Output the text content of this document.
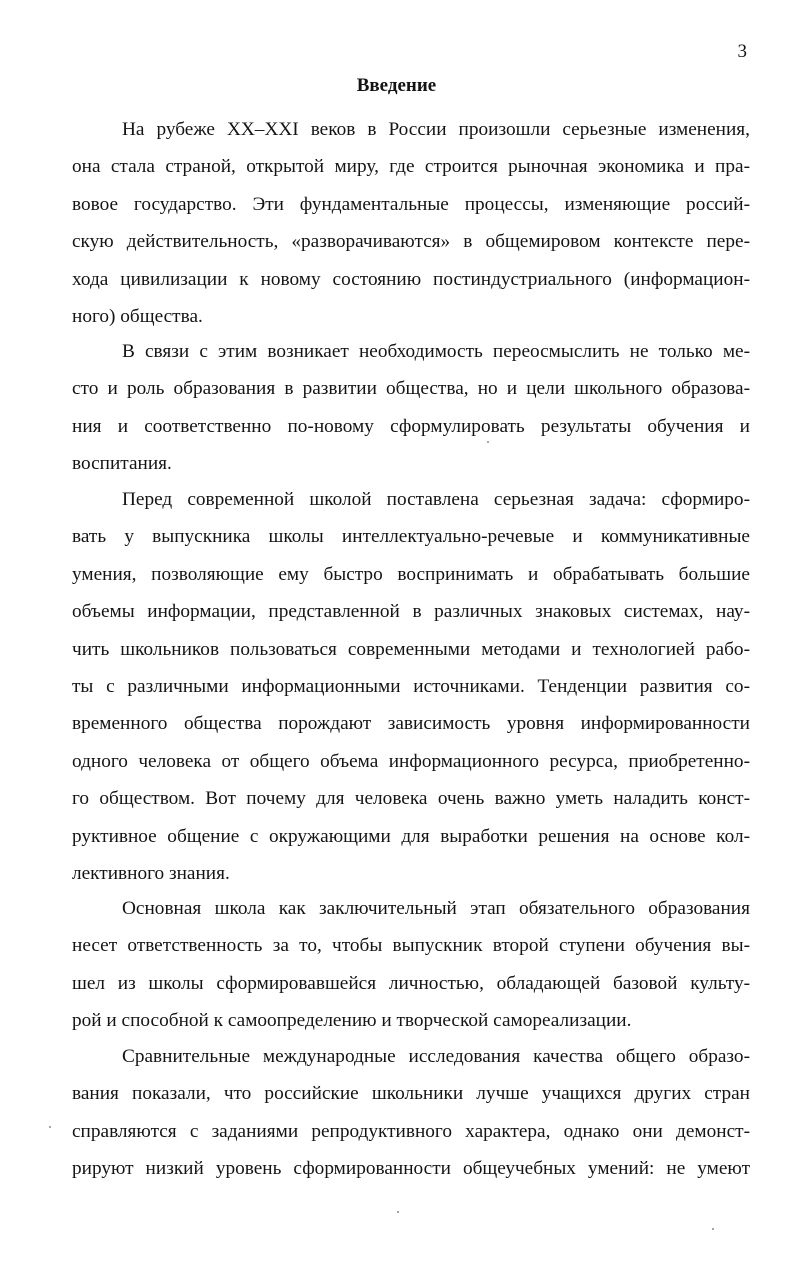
3
Введение
На рубеже XX–XXI веков в России произошли серьезные изменения,
она стала страной, открытой миру, где строится рыночная экономика и пра-
вовое государство. Эти фундаментальные процессы, изменяющие россий-
скую действительность, «разворачиваются» в общемировом контексте пере-
хода цивилизации к новому состоянию постиндустриального (информацион-
ного) общества.
В связи с этим возникает необходимость переосмыслить не только ме-
сто и роль образования в развитии общества, но и цели школьного образова-
ния и соответственно по-новому сформулировать результаты обучения и
воспитания.
Перед современной школой поставлена серьезная задача: сформиро-
вать у выпускника школы интеллектуально-речевые и коммуникативные
умения, позволяющие ему быстро воспринимать и обрабатывать большие
объемы информации, представленной в различных знаковых системах, нау-
чить школьников пользоваться современными методами и технологией рабо-
ты с различными информационными источниками. Тенденции развития со-
временного общества порождают зависимость уровня информированности
одного человека от общего объема информационного ресурса, приобретенно-
го обществом. Вот почему для человека очень важно уметь наладить конст-
руктивное общение с окружающими для выработки решения на основе кол-
лективного знания.
Основная школа как заключительный этап обязательного образования
несет ответственность за то, чтобы выпускник второй ступени обучения вы-
шел из школы сформировавшейся личностью, обладающей базовой культу-
рой и способной к самоопределению и творческой самореализации.
Сравнительные международные исследования качества общего образо-
вания показали, что российские школьники лучше учащихся других стран
справляются с заданиями репродуктивного характера, однако они демонст-
рируют низкий уровень сформированности общеучебных умений: не умеют
